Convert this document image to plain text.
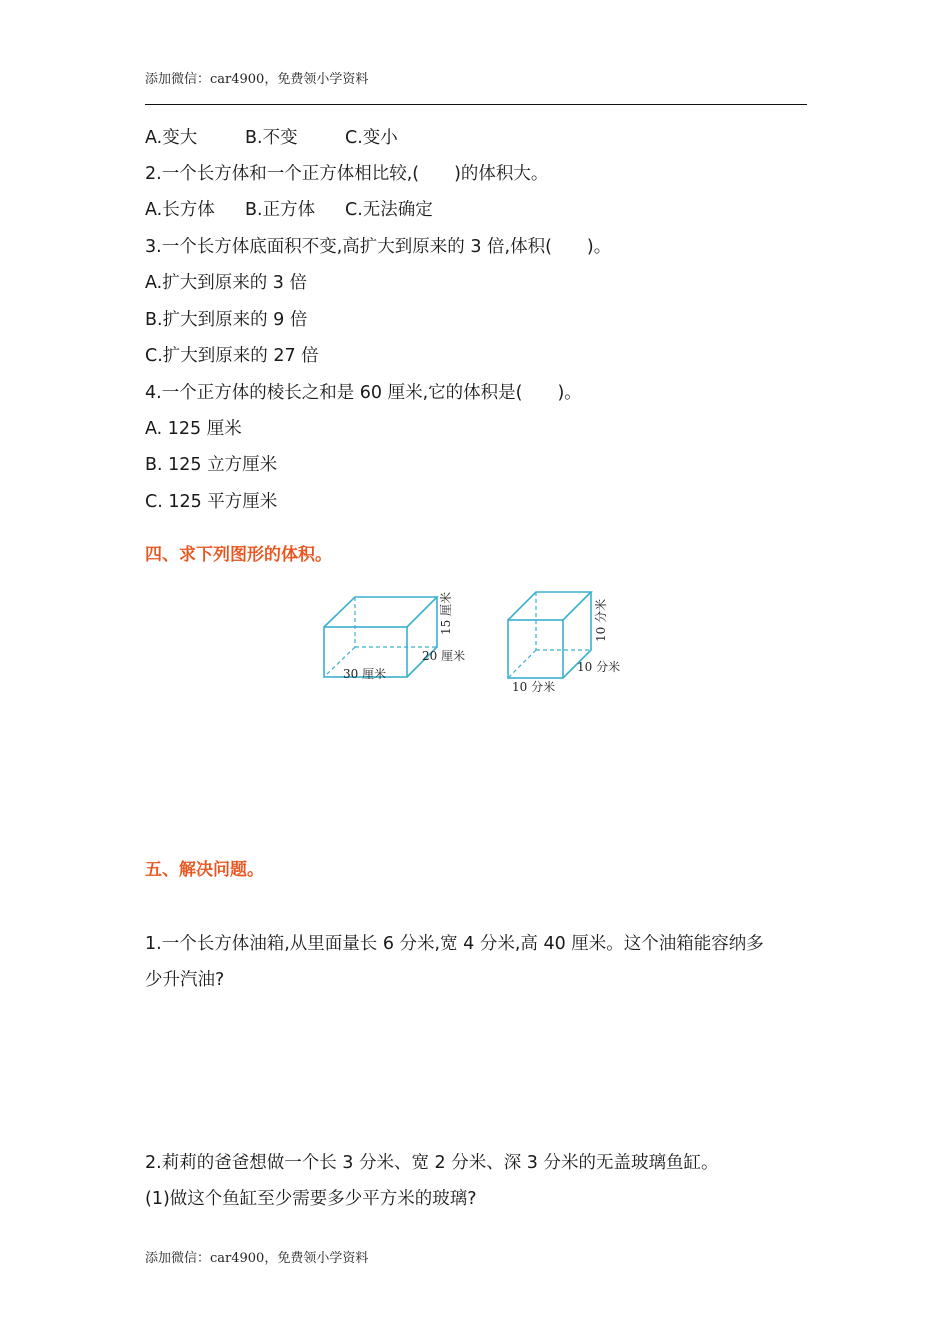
添加微信：car4900，免费领小学资料
A.变大	B.不变	C.变小
2.一个长方体和一个正方体相比较,(　　)的体积大。
A.长方体 B.正方体 C.无法确定
3.一个长方体底面积不变,高扩大到原来的 3 倍,体积(　　)。
A.扩大到原来的 3 倍
B.扩大到原来的 9 倍
C.扩大到原来的 27 倍
4.一个正方体的棱长之和是 60 厘米,它的体积是(　　)。
A. 125 厘米
B. 125 立方厘米
C. 125 平方厘米
四、求下列图形的体积。
15 厘米
20 厘米
30 厘米
10 分米
10 分米
10 分米
五、解决问题。
1.一个长方体油箱,从里面量长 6 分米,宽 4 分米,高 40 厘米。这个油箱能容纳多
少升汽油?
2.莉莉的爸爸想做一个长 3 分米、宽 2 分米、深 3 分米的无盖玻璃鱼缸。
(1)做这个鱼缸至少需要多少平方米的玻璃?
添加微信：car4900，免费领小学资料
